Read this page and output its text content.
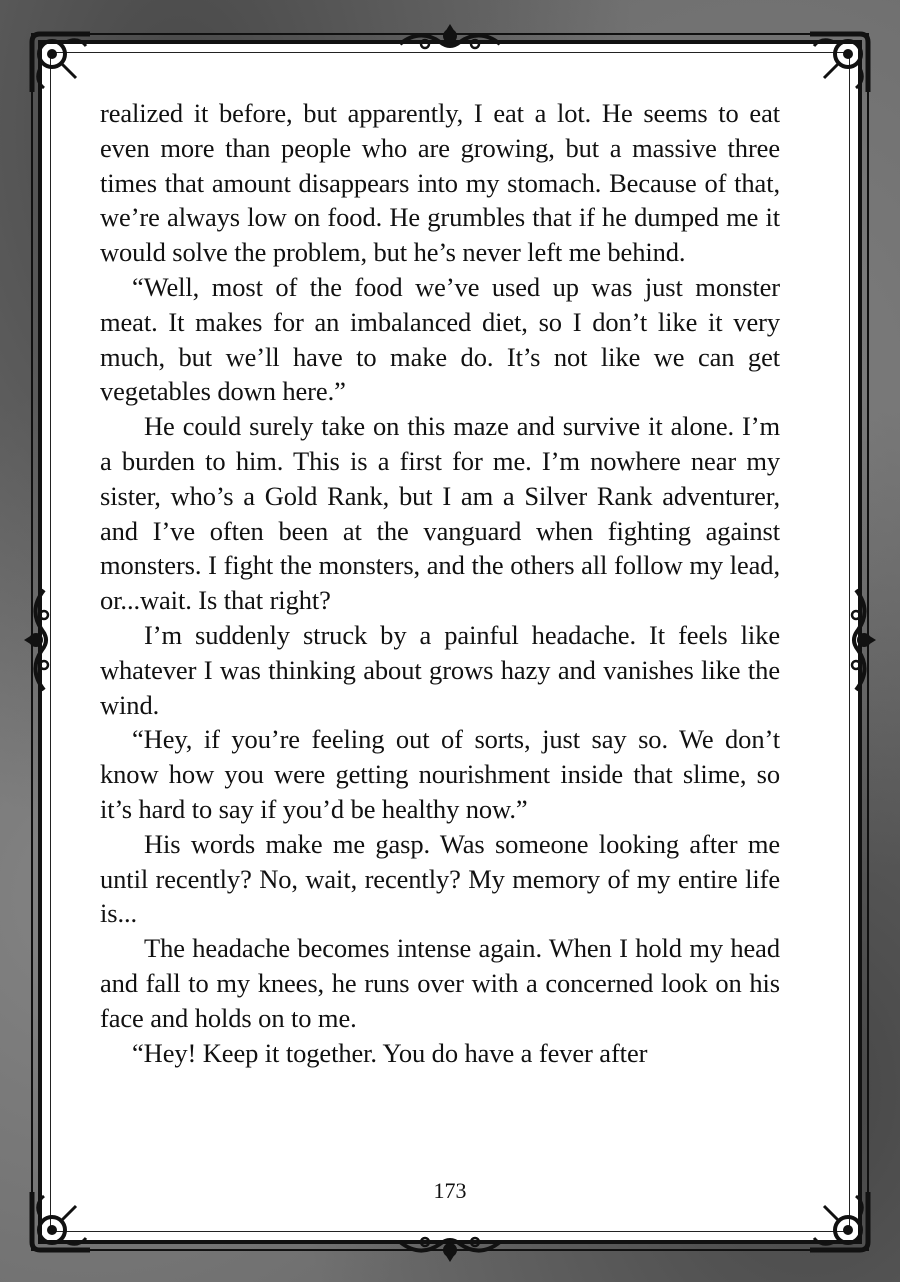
realized it before, but apparently, I eat a lot. He seems to eat even more than people who are growing, but a massive three times that amount disappears into my stomach. Because of that, we’re always low on food. He grumbles that if he dumped me it would solve the problem, but he’s never left me behind.

“Well, most of the food we’ve used up was just monster meat. It makes for an imbalanced diet, so I don’t like it very much, but we’ll have to make do. It’s not like we can get vegetables down here.”

He could surely take on this maze and survive it alone. I’m a burden to him. This is a first for me. I’m nowhere near my sister, who’s a Gold Rank, but I am a Silver Rank adventurer, and I’ve often been at the vanguard when fighting against monsters. I fight the monsters, and the others all follow my lead, or...wait. Is that right?

I’m suddenly struck by a painful headache. It feels like whatever I was thinking about grows hazy and vanishes like the wind.

“Hey, if you’re feeling out of sorts, just say so. We don’t know how you were getting nourishment inside that slime, so it’s hard to say if you’d be healthy now.”

His words make me gasp. Was someone looking after me until recently? No, wait, recently? My memory of my entire life is...

The headache becomes intense again. When I hold my head and fall to my knees, he runs over with a concerned look on his face and holds on to me.

“Hey! Keep it together. You do have a fever after

173
